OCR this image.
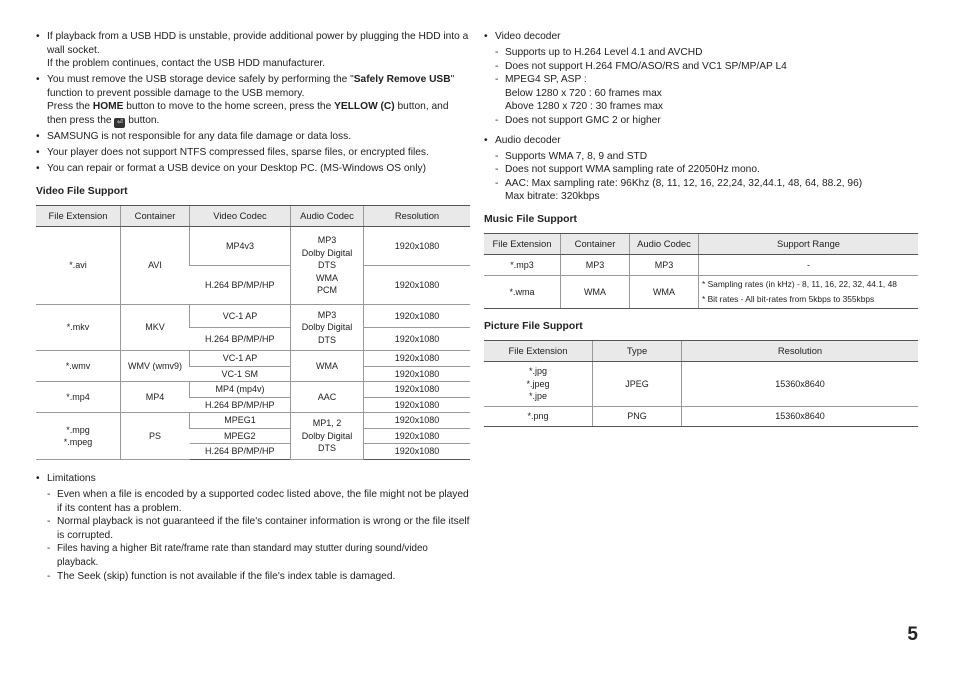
• If playback from a USB HDD is unstable, provide additional power by plugging the HDD into a wall socket.
If the problem continues, contact the USB HDD manufacturer.
• You must remove the USB storage device safely by performing the "Safely Remove USB" function to prevent possible damage to the USB memory.
Press the HOME button to move to the home screen, press the YELLOW (C) button, and then press the ⏎ button.
• SAMSUNG is not responsible for any data file damage or data loss.
• Your player does not support NTFS compressed files, sparse files, or encrypted files.
• You can repair or format a USB device on your Desktop PC. (MS-Windows OS only)
Video File Support
File Extension	Container	Video Codec	Audio Codec	Resolution
*.avi	AVI	MP4v3	MP3
Dolby Digital
DTS
WMA
PCM	1920x1080
		H.264 BP/MP/HP		1920x1080
*.mkv	MKV	VC-1 AP	MP3
Dolby Digital
DTS	1920x1080
		H.264 BP/MP/HP		1920x1080
*.wmv	WMV (wmv9)	VC-1 AP	WMA	1920x1080
		VC-1 SM		1920x1080
*.mp4	MP4	MP4 (mp4v)	AAC	1920x1080
		H.264 BP/MP/HP		1920x1080
*.mpg
*.mpeg	PS	MPEG1	MP1, 2
Dolby Digital
DTS	1920x1080
		MPEG2		1920x1080
		H.264 BP/MP/HP		1920x1080
• Limitations
- Even when a file is encoded by a supported codec listed above, the file might not be played if its content has a problem.
- Normal playback is not guaranteed if the file's container information is wrong or the file itself is corrupted.
- Files having a higher Bit rate/frame rate than standard may stutter during sound/video playback.
- The Seek (skip) function is not available if the file's index table is damaged.
• Video decoder
- Supports up to H.264 Level 4.1 and AVCHD
- Does not support H.264 FMO/ASO/RS and VC1 SP/MP/AP L4
- MPEG4 SP, ASP :
Below 1280 x 720 : 60 frames max
Above 1280 x 720 : 30 frames max
- Does not support GMC 2 or higher
• Audio decoder
- Supports WMA 7, 8, 9 and STD
- Does not support WMA sampling rate of 22050Hz mono.
- AAC: Max sampling rate: 96Khz (8, 11, 12, 16, 22,24, 32,44.1, 48, 64, 88.2, 96)
Max bitrate: 320kbps
Music File Support
File Extension	Container	Audio Codec	Support Range
*.mp3	MP3	MP3	-
*.wma	WMA	WMA	* Sampling rates (in kHz) - 8, 11, 16, 22, 32, 44.1, 48
* Bit rates - All bit-rates from 5kbps to 355kbps
Picture File Support
File Extension	Type	Resolution
*.jpg
*.jpeg
*.jpe	JPEG	15360x8640
*.png	PNG	15360x8640
5
